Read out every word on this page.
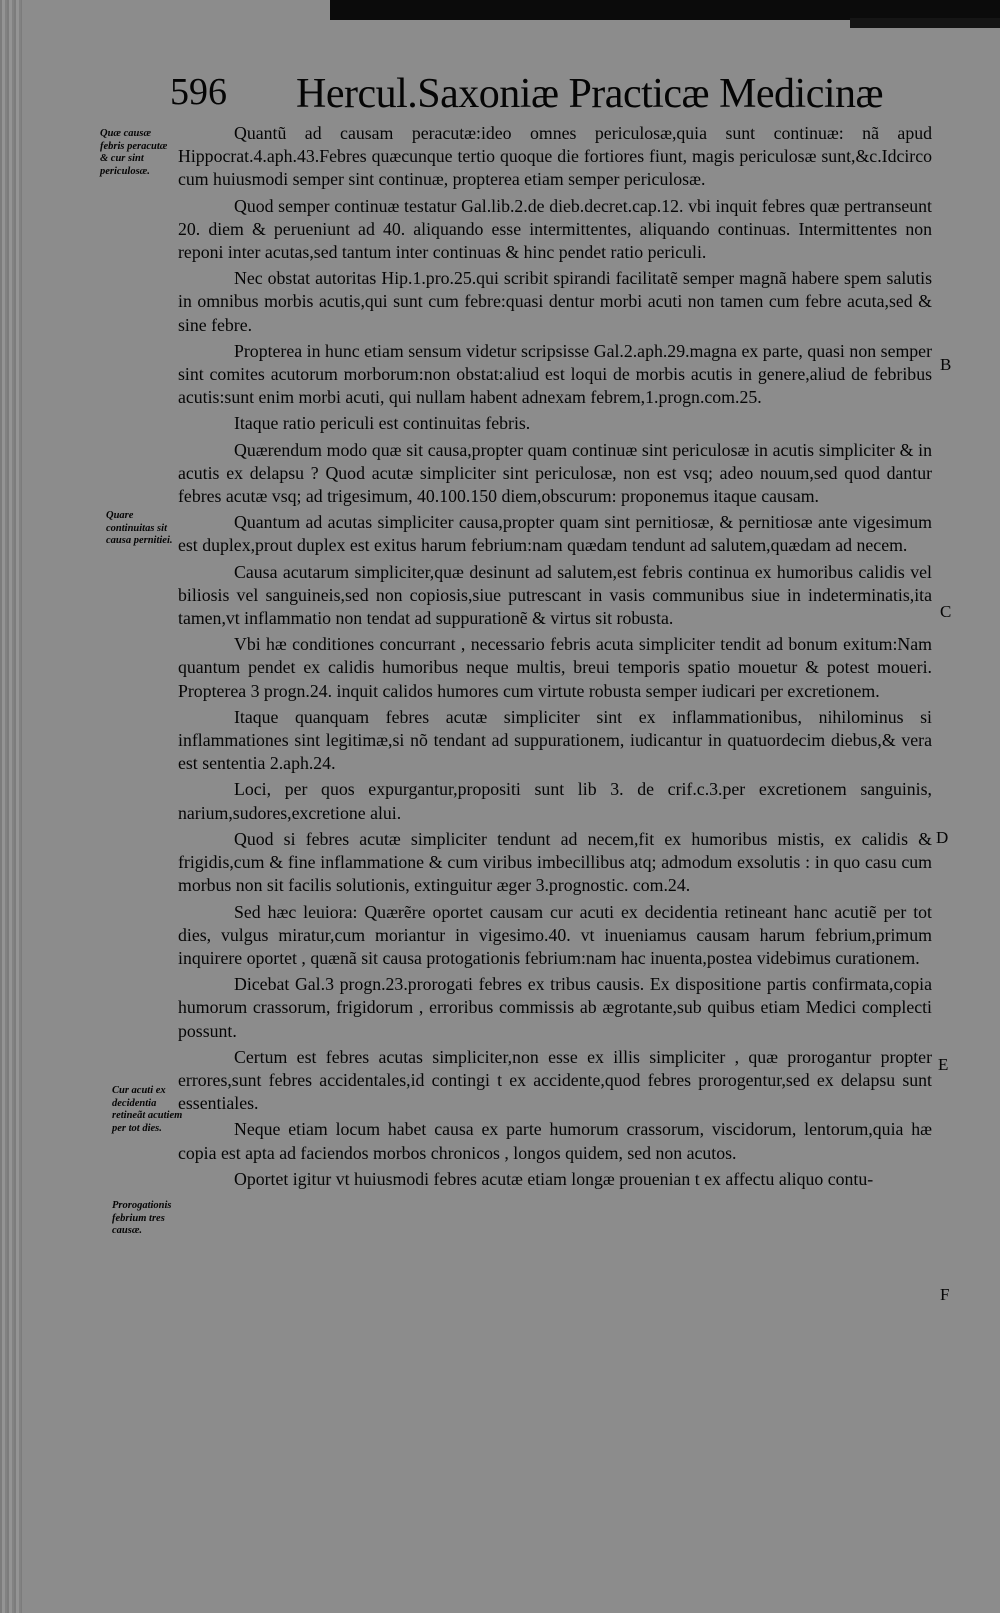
596 Hercul.Saxoniæ Practicæ Medicinæ
Quæ causæ febris peracutæ & cur sint periculosæ.
Quare continuitas sit causa pernitiei.
Cur acuti ex decidentia retineãt acutiem per tot dies.
Prorogationis febrium tres causæ.
B
C
D
E
F

Quantũ ad causam peracutæ:ideo omnes periculosæ,quia sunt continuæ: nã apud Hippocrat.4.aph.43.Febres quæcunque tertio quoque die fortiores fiunt, magis periculosæ sunt,&c.Idcirco cum huiusmodi semper sint continuæ, propterea etiam semper periculosæ.

Quod semper continuæ testatur Gal.lib.2.de dieb.decret.cap.12. vbi inquit febres quæ pertranseunt 20. diem & perueniunt ad 40. aliquando esse intermittentes, aliquando continuas. Intermittentes non reponi inter acutas,sed tantum inter continuas & hinc pendet ratio periculi.

Nec obstat autoritas Hip.1.pro.25.qui scribit spirandi facilitatẽ semper magnã habere spem salutis in omnibus morbis acutis,qui sunt cum febre:quasi dentur morbi acuti non tamen cum febre acuta,sed & sine febre.

Propterea in hunc etiam sensum videtur scripsisse Gal.2.aph.29.magna ex parte, quasi non semper sint comites acutorum morborum:non obstat:aliud est loqui de morbis acutis in genere,aliud de febribus acutis:sunt enim morbi acuti, qui nullam habent adnexam febrem,1.progn.com.25.

Itaque ratio periculi est continuitas febris.

Quærendum modo quæ sit causa,propter quam continuæ sint periculosæ in acutis simpliciter & in acutis ex delapsu ? Quod acutæ simpliciter sint periculosæ, non est vsq; adeo nouum,sed quod dantur febres acutæ vsq; ad trigesimum, 40.100.150 diem,obscurum: proponemus itaque causam.

Quantum ad acutas simpliciter causa,propter quam sint pernitiosæ, & pernitiosæ ante vigesimum est duplex,prout duplex est exitus harum febrium:nam quædam tendunt ad salutem,quædam ad necem.

Causa acutarum simpliciter,quæ desinunt ad salutem,est febris continua ex humoribus calidis vel biliosis vel sanguineis,sed non copiosis,siue putrescant in vasis communibus siue in indeterminatis,ita tamen,vt inflammatio non tendat ad suppurationẽ & virtus sit robusta.

Vbi hæ conditiones concurrant , necessario febris acuta simpliciter tendit ad bonum exitum:Nam quantum pendet ex calidis humoribus neque multis, breui temporis spatio mouetur & potest moueri. Propterea 3 progn.24. inquit calidos humores cum virtute robusta semper iudicari per excretionem.

Itaque quanquam febres acutæ simpliciter sint ex inflammationibus, nihilominus si inflammationes sint legitimæ,si nõ tendant ad suppurationem, iudicantur in quatuordecim diebus,& vera est sententia 2.aph.24.

Loci, per quos expurgantur,propositi sunt lib 3. de crif.c.3.per excretionem sanguinis, narium,sudores,excretione alui.

Quod si febres acutæ simpliciter tendunt ad necem,fit ex humoribus mistis, ex calidis & frigidis,cum & fine inflammatione & cum viribus imbecillibus atq; admodum exsolutis : in quo casu cum morbus non sit facilis solutionis, extinguitur æger 3.prognostic. com.24.

Sed hæc leuiora: Quærẽre oportet causam cur acuti ex decidentia retineant hanc acutiẽ per tot dies, vulgus miratur,cum moriantur in vigesimo.40. vt inueniamus causam harum febrium,primum inquirere oportet , quænã sit causa protogationis febrium:nam hac inuenta,postea videbimus curationem.

Dicebat Gal.3 progn.23.prorogati febres ex tribus causis. Ex dispositione partis confirmata,copia humorum crassorum, frigidorum , erroribus commissis ab ægrotante,sub quibus etiam Medici complecti possunt.

Certum est febres acutas simpliciter,non esse ex illis simpliciter , quæ prorogantur propter errores,sunt febres accidentales,id contingi t ex accidente,quod febres prorogentur,sed ex delapsu sunt essentiales.

Neque etiam locum habet causa ex parte humorum crassorum, viscidorum, lentorum,quia hæ copia est apta ad faciendos morbos chronicos , longos quidem, sed non acutos.

Oportet igitur vt huiusmodi febres acutæ etiam longæ prouenian t ex affectu aliquo contu-
